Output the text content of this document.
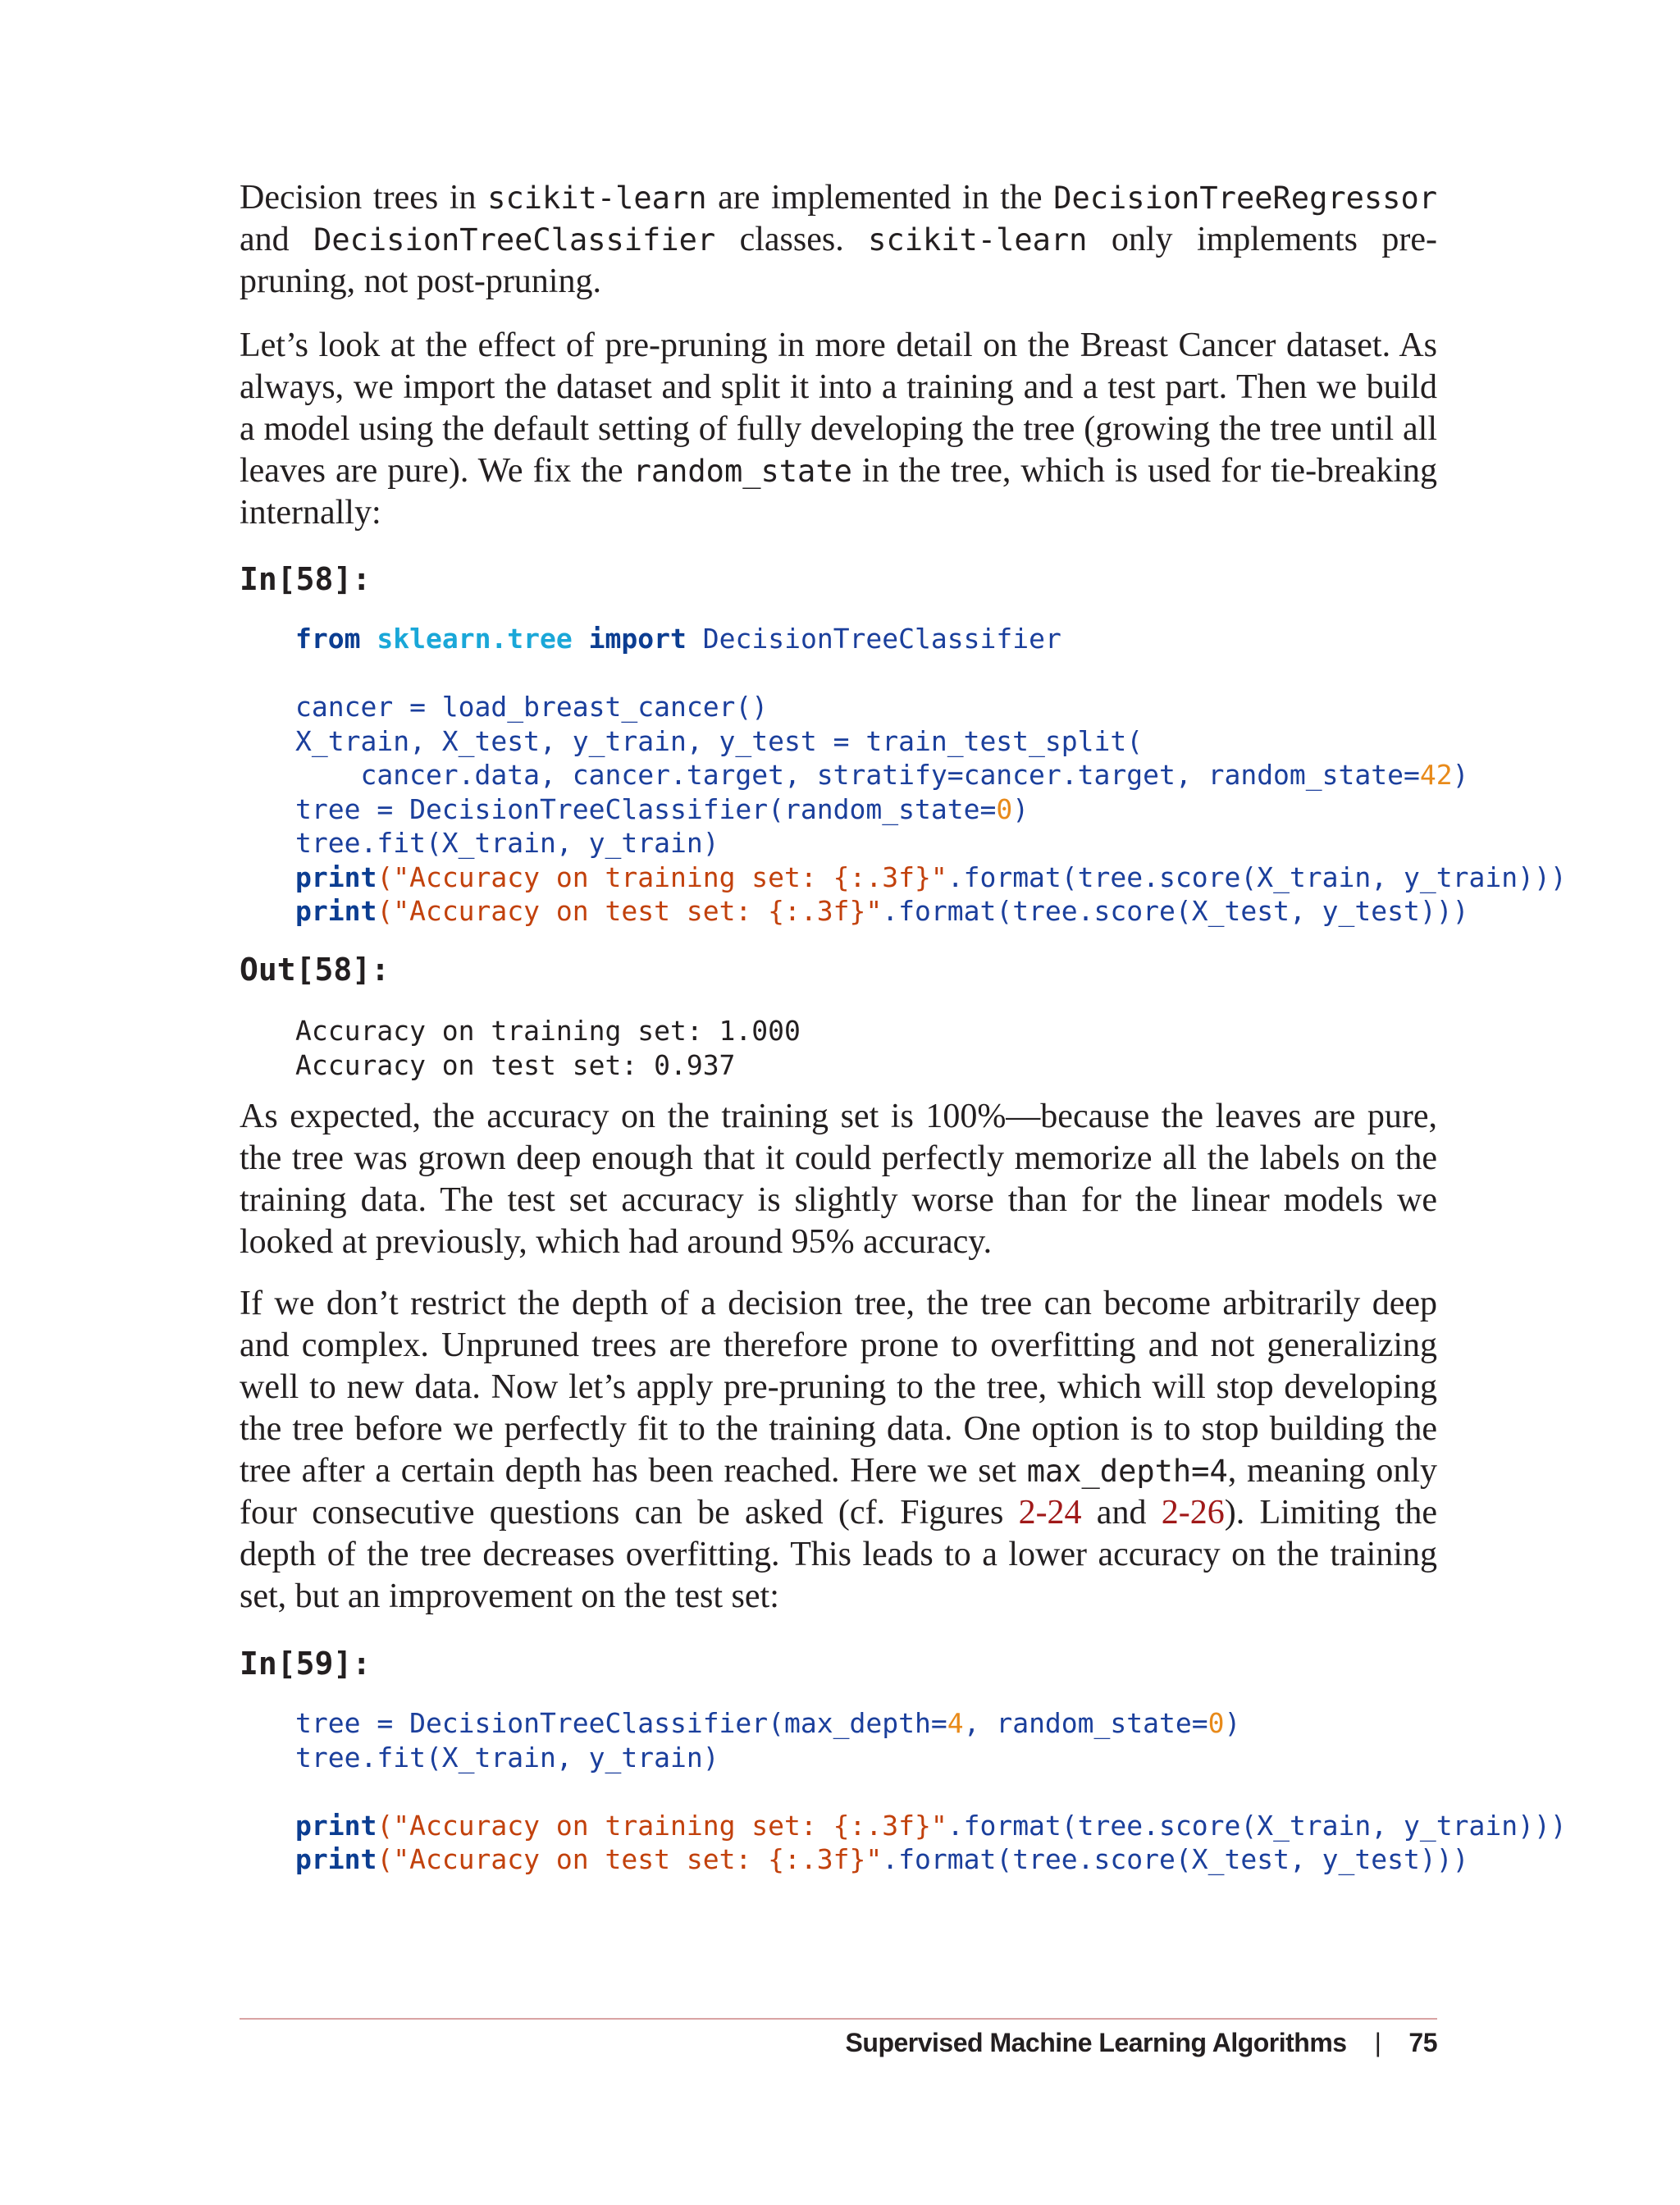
Decision trees in scikit-learn are implemented in the DecisionTreeRegressor and DecisionTreeClassifier classes. scikit-learn only implements pre-pruning, not post-pruning.

Let’s look at the effect of pre-pruning in more detail on the Breast Cancer dataset. As always, we import the dataset and split it into a training and a test part. Then we build a model using the default setting of fully developing the tree (growing the tree until all leaves are pure). We fix the random_state in the tree, which is used for tie-breaking internally:

In[58]:

from sklearn.tree import DecisionTreeClassifier

cancer = load_breast_cancer()
X_train, X_test, y_train, y_test = train_test_split(
cancer.data, cancer.target, stratify=cancer.target, random_state=42)
tree = DecisionTreeClassifier(random_state=0)
tree.fit(X_train, y_train)
print("Accuracy on training set: {:.3f}".format(tree.score(X_train, y_train)))
print("Accuracy on test set: {:.3f}".format(tree.score(X_test, y_test)))

Out[58]:

Accuracy on training set: 1.000
Accuracy on test set: 0.937

As expected, the accuracy on the training set is 100%—because the leaves are pure, the tree was grown deep enough that it could perfectly memorize all the labels on the training data. The test set accuracy is slightly worse than for the linear models we looked at previously, which had around 95% accuracy.

If we don’t restrict the depth of a decision tree, the tree can become arbitrarily deep and complex. Unpruned trees are therefore prone to overfitting and not generalizing well to new data. Now let’s apply pre-pruning to the tree, which will stop developing the tree before we perfectly fit to the training data. One option is to stop building the tree after a certain depth has been reached. Here we set max_depth=4, meaning only four consecutive questions can be asked (cf. Figures 2-24 and 2-26). Limiting the depth of the tree decreases overfitting. This leads to a lower accuracy on the training set, but an improvement on the test set:

In[59]:

tree = DecisionTreeClassifier(max_depth=4, random_state=0)
tree.fit(X_train, y_train)

print("Accuracy on training set: {:.3f}".format(tree.score(X_train, y_train)))
print("Accuracy on test set: {:.3f}".format(tree.score(X_test, y_test)))
Supervised Machine Learning Algorithms | 75
